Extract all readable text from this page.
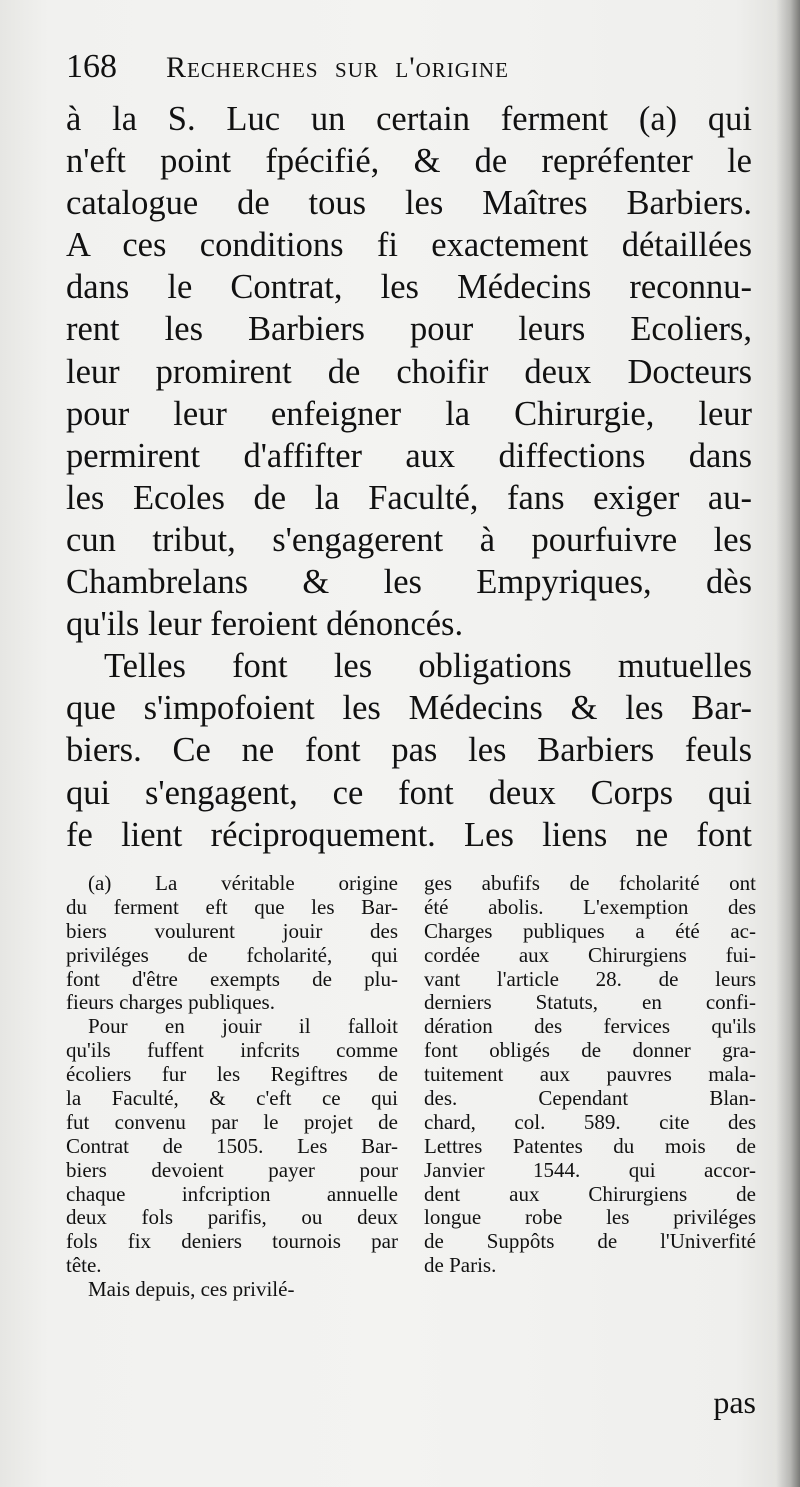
168	Recherches sur l'origine
à la S. Luc un certain ferment (a) qui
n'eft point fpécifié, & de repréfenter le
catalogue de tous les Maîtres Barbiers.
A ces conditions fi exactement détaillées
dans le Contrat, les Médecins reconnu-
rent les Barbiers pour leurs Ecoliers,
leur promirent de choifir deux Docteurs
pour leur enfeigner la Chirurgie, leur
permirent d'affifter aux diffections dans
les Ecoles de la Faculté, fans exiger au-
cun tribut, s'engagerent à pourfuivre les
Chambrelans & les Empyriques, dès
qu'ils leur feroient dénoncés.
Telles font les obligations mutuelles
que s'impofoient les Médecins & les Bar-
biers. Ce ne font pas les Barbiers feuls
qui s'engagent, ce font deux Corps qui
fe lient réciproquement. Les liens ne font
(a) La véritable origine
du ferment eft que les Bar-
biers voulurent jouir des
priviléges de fcholarité, qui
font d'être exempts de plu-
fieurs charges publiques.
Pour en jouir il falloit
qu'ils fuffent infcrits comme
écoliers fur les Regiftres de
la Faculté, & c'eft ce qui
fut convenu par le projet de
Contrat de 1505. Les Bar-
biers devoient payer pour
chaque infcription annuelle
deux fols parifis, ou deux
fols fix deniers tournois par
tête.
Mais depuis, ces privilé-
ges abufifs de fcholarité ont
été abolis. L'exemption des
Charges publiques a été ac-
cordée aux Chirurgiens fui-
vant l'article 28. de leurs
derniers Statuts, en confi-
dération des fervices qu'ils
font obligés de donner gra-
tuitement aux pauvres mala-
des. Cependant Blan-
chard, col. 589. cite des
Lettres Patentes du mois de
Janvier 1544. qui accor-
dent aux Chirurgiens de
longue robe les priviléges
de Suppôts de l'Univerfité
de Paris.
pas
